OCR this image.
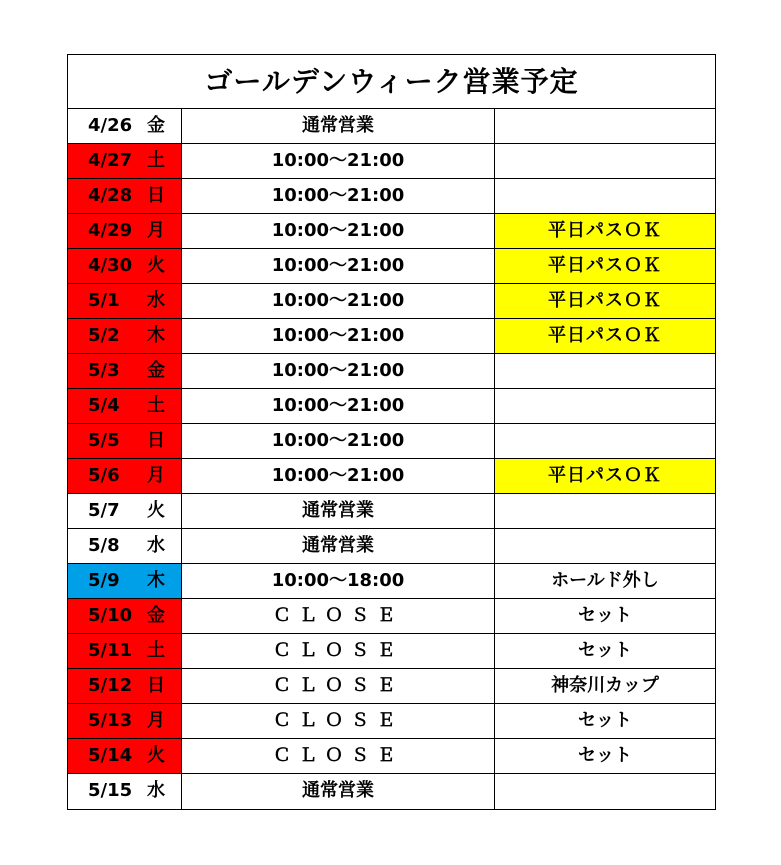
ゴールデンウィーク営業予定
4/26 金	通常営業
4/27 土	10:00～21:00
4/28 日	10:00～21:00
4/29 月	10:00～21:00	平日パスＯＫ
4/30 火	10:00～21:00	平日パスＯＫ
5/1 水	10:00～21:00	平日パスＯＫ
5/2 木	10:00～21:00	平日パスＯＫ
5/3 金	10:00～21:00
5/4 土	10:00～21:00
5/5 日	10:00～21:00
5/6 月	10:00～21:00	平日パスＯＫ
5/7 火	通常営業
5/8 水	通常営業
5/9 木	10:00～18:00	ホールド外し
5/10 金	ＣＬＯＳＥ	セット
5/11 土	ＣＬＯＳＥ	セット
5/12 日	ＣＬＯＳＥ	神奈川カップ
5/13 月	ＣＬＯＳＥ	セット
5/14 火	ＣＬＯＳＥ	セット
5/15 水	通常営業
